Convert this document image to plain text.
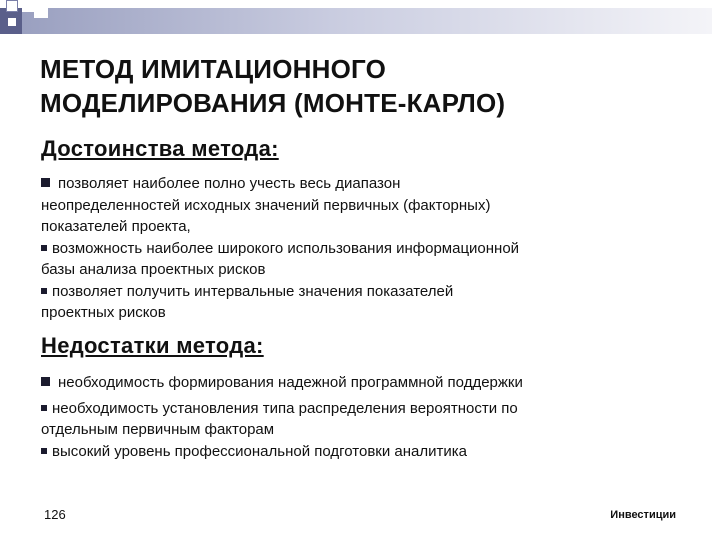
МЕТОД ИМИТАЦИОННОГО
МОДЕЛИРОВАНИЯ (МОНТЕ-КАРЛО)
Достоинства метода:
позволяет наиболее полно учесть весь диапазон
неопределенностей исходных значений первичных (факторных)
показателей проекта,
возможность наиболее широкого использования информационной
базы анализа проектных рисков
позволяет получить интервальные значения показателей
проектных рисков
Недостатки метода:
необходимость формирования надежной программной поддержки
необходимость установления типа распределения вероятности по
отдельным первичным факторам
высокий уровень профессиональной подготовки аналитика
126	Инвестиции
